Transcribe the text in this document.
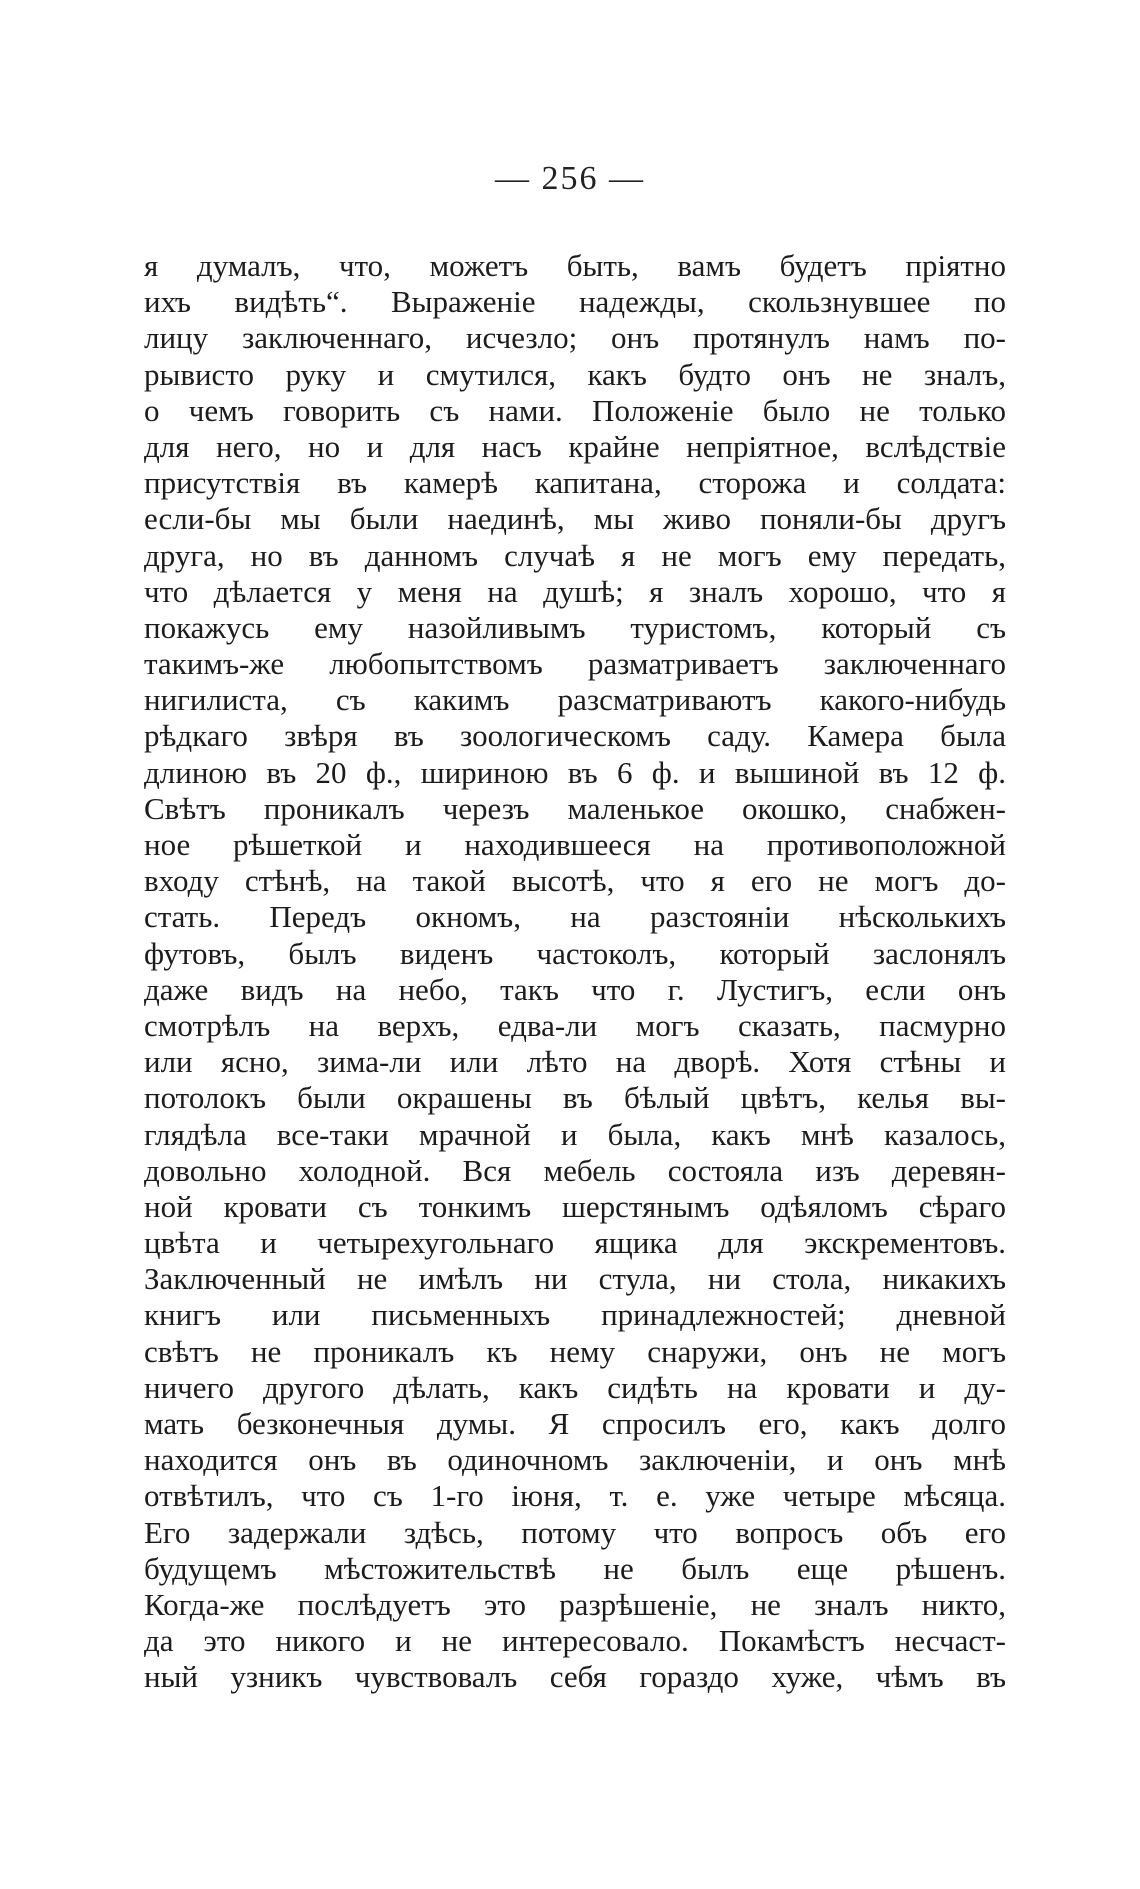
— 256 —
я думалъ, что, можетъ быть, вамъ будетъ пріятно
ихъ видѣть“. Выраженіе надежды, скользнувшее по
лицу заключеннаго, исчезло; онъ протянулъ намъ по-
рывисто руку и смутился, какъ будто онъ не зналъ,
о чемъ говорить съ нами. Положеніе было не только
для него, но и для насъ крайне непріятное, вслѣдствіе
присутствія въ камерѣ капитана, сторожа и солдата:
если-бы мы были наединѣ, мы живо поняли-бы другъ
друга, но въ данномъ случаѣ я не могъ ему передать,
что дѣлается у меня на душѣ; я зналъ хорошо, что я
покажусь ему назойливымъ туристомъ, который съ
такимъ-же любопытствомъ разматриваетъ заключеннаго
нигилиста, съ какимъ разсматриваютъ какого-нибудь
рѣдкаго звѣря въ зоологическомъ саду. Камера была
длиною въ 20 ф., шириною въ 6 ф. и вышиной въ 12 ф.
Свѣтъ проникалъ черезъ маленькое окошко, снабжен-
ное рѣшеткой и находившееся на противоположной
входу стѣнѣ, на такой высотѣ, что я его не могъ до-
стать. Передъ окномъ, на разстояніи нѣсколькихъ
футовъ, былъ виденъ частоколъ, который заслонялъ
даже видъ на небо, такъ что г. Лустигъ, если онъ
смотрѣлъ на верхъ, едва-ли могъ сказать, пасмурно
или ясно, зима-ли или лѣто на дворѣ. Хотя стѣны и
потолокъ были окрашены въ бѣлый цвѣтъ, келья вы-
глядѣла все-таки мрачной и была, какъ мнѣ казалось,
довольно холодной. Вся мебель состояла изъ деревян-
ной кровати съ тонкимъ шерстянымъ одѣяломъ сѣраго
цвѣта и четырехугольнаго ящика для экскрементовъ.
Заключенный не имѣлъ ни стула, ни стола, никакихъ
книгъ или письменныхъ принадлежностей; дневной
свѣтъ не проникалъ къ нему снаружи, онъ не могъ
ничего другого дѣлать, какъ сидѣть на кровати и ду-
мать безконечныя думы. Я спросилъ его, какъ долго
находится онъ въ одиночномъ заключеніи, и онъ мнѣ
отвѣтилъ, что съ 1-го іюня, т. е. уже четыре мѣсяца.
Его задержали здѣсь, потому что вопросъ объ его
будущемъ мѣстожительствѣ не былъ еще рѣшенъ.
Когда-же послѣдуетъ это разрѣшеніе, не зналъ никто,
да это никого и не интересовало. Покамѣстъ несчаст-
ный узникъ чувствовалъ себя гораздо хуже, чѣмъ въ
